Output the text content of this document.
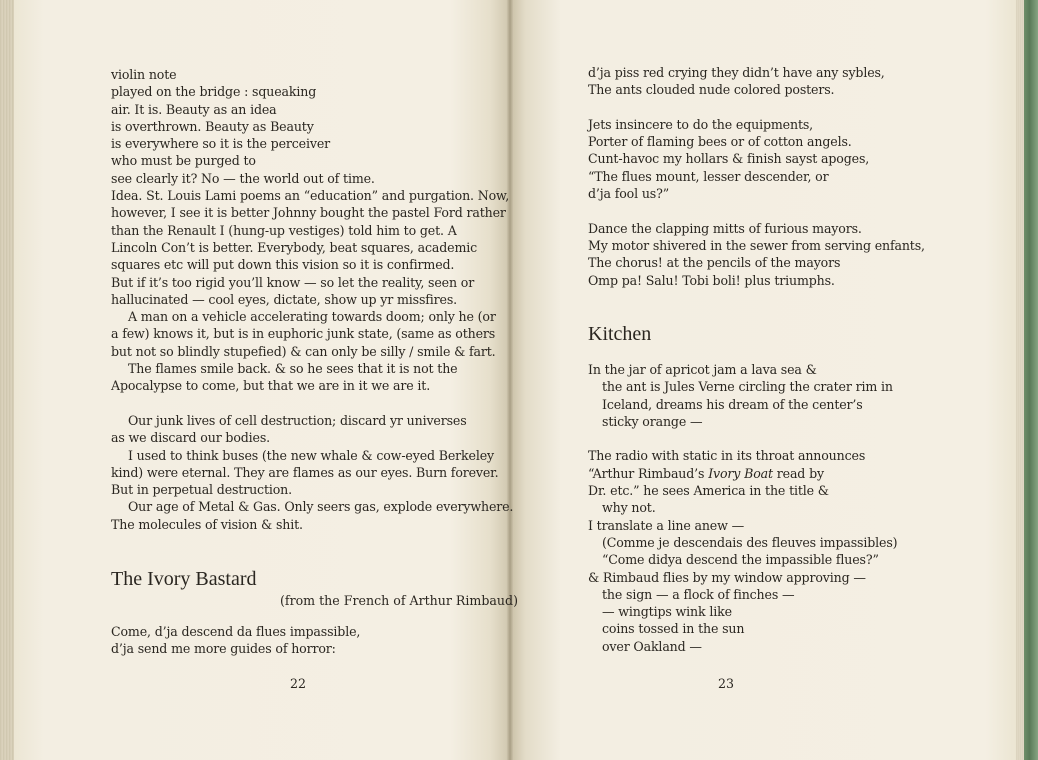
violin note
played on the bridge : squeaking
air. It is. Beauty as an idea
is overthrown. Beauty as Beauty
is everywhere so it is the perceiver
who must be purged to
see clearly it? No — the world out of time.
Idea. St. Louis Lami poems an “education” and purgation. Now,
however, I see it is better Johnny bought the pastel Ford rather
than the Renault I (hung-up vestiges) told him to get. A
Lincoln Con’t is better. Everybody, beat squares, academic
squares etc will put down this vision so it is confirmed.
But if it’s too rigid you’ll know — so let the reality, seen or
hallucinated — cool eyes, dictate, show up yr missfires.
A man on a vehicle accelerating towards doom; only he (or
a few) knows it, but is in euphoric junk state, (same as others
but not so blindly stupefied) & can only be silly / smile & fart.
The flames smile back. & so he sees that it is not the
Apocalypse to come, but that we are in it we are it.
Our junk lives of cell destruction; discard yr universes
as we discard our bodies.
I used to think buses (the new whale & cow-eyed Berkeley
kind) were eternal. They are flames as our eyes. Burn forever.
But in perpetual destruction.
Our age of Metal & Gas. Only seers gas, explode everywhere.
The molecules of vision & shit.
The Ivory Bastard
(from the French of Arthur Rimbaud)
Come, d’ja descend da flues impassible,
d’ja send me more guides of horror:
22
d’ja piss red crying they didn’t have any sybles,
The ants clouded nude colored posters.
Jets insincere to do the equipments,
Porter of flaming bees or of cotton angels.
Cunt-havoc my hollars & finish sayst apoges,
“The flues mount, lesser descender, or
d’ja fool us?”
Dance the clapping mitts of furious mayors.
My motor shivered in the sewer from serving enfants,
The chorus! at the pencils of the mayors
Omp pa! Salu! Tobi boli! plus triumphs.
Kitchen
In the jar of apricot jam a lava sea &
the ant is Jules Verne circling the crater rim in
Iceland, dreams his dream of the center’s
sticky orange —
The radio with static in its throat announces
“Arthur Rimbaud’s Ivory Boat read by
Dr. etc.” he sees America in the title &
why not.
I translate a line anew —
(Comme je descendais des fleuves impassibles)
“Come didya descend the impassible flues?”
& Rimbaud flies by my window approving —
the sign — a flock of finches —
— wingtips wink like
coins tossed in the sun
over Oakland —
23
